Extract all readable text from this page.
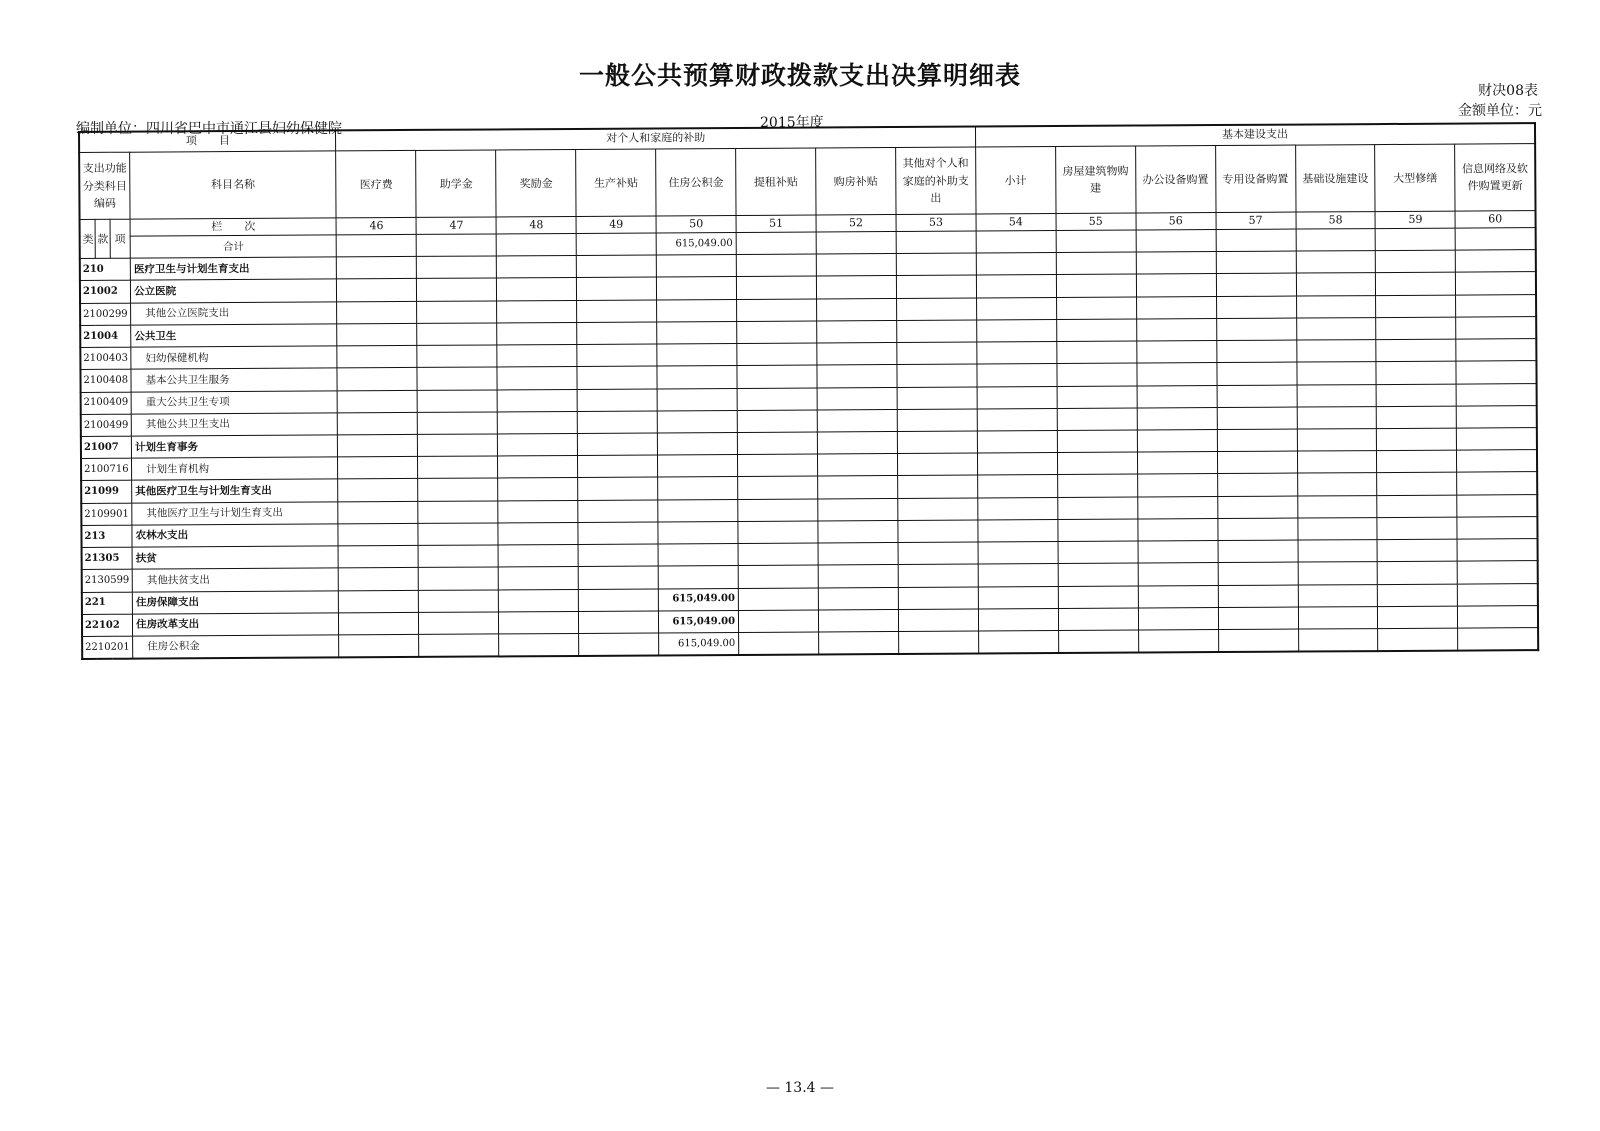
一般公共预算财政拨款支出决算明细表
财决08表
金额单位：元
编制单位：四川省巴中市通江县妇幼保健院	2015年度
项　　目				对个人和家庭的补助								基本建设支出						
支出功能分类科目编码			科目名称	医疗费	助学金	奖励金	生产补贴	住房公积金	提租补贴	购房补贴	其他对个人和家庭的补助支出	小计	房屋建筑物购建	办公设备购置	专用设备购置	基础设施建设	大型修缮	信息网络及软件购置更新
类	款	项	栏　　次	46	47	48	49	50	51	52	53	54	55	56	57	58	59	60
			合计					615,049.00										
210			医疗卫生与计划生育支出															
21002			公立医院															
2100299			其他公立医院支出															
21004			公共卫生															
2100403			妇幼保健机构															
2100408			基本公共卫生服务															
2100409			重大公共卫生专项															
2100499			其他公共卫生支出															
21007			计划生育事务															
2100716			计划生育机构															
21099			其他医疗卫生与计划生育支出															
2109901			其他医疗卫生与计划生育支出															
213			农林水支出															
21305			扶贫															
2130599			其他扶贫支出															
221			住房保障支出					615,049.00										
22102			住房改革支出					615,049.00										
2210201			住房公积金					615,049.00										
— 13.4 —
